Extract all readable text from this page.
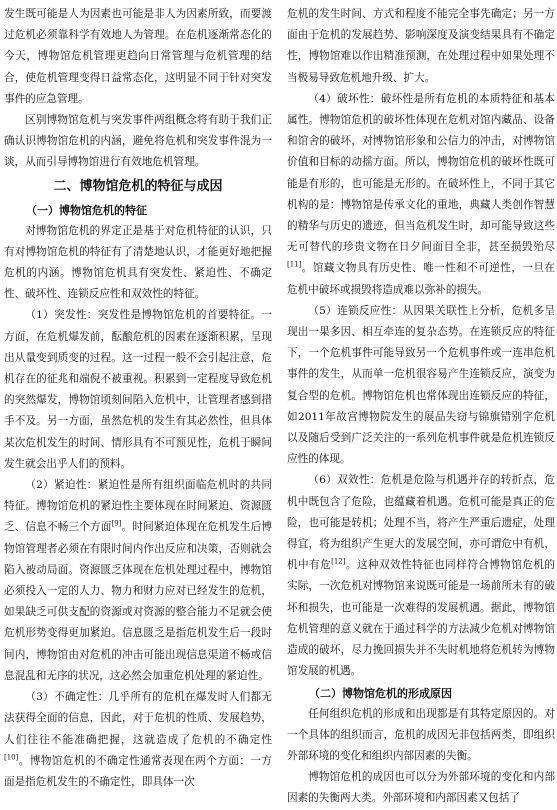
发生既可能是人为因素也可能是非人为因素所致，而要渡过危机必须靠科学有效地人为管理。在危机逐渐常态化的今天，博物馆危机管理更趋向日常管理与危机管理的结合，使危机管理变得日益常态化，这明显不同于针对突发事件的应急管理。

区别博物馆危机与突发事件两组概念将有助于我们正确认识博物馆危机的内涵，避免将危机和突发事件混为一谈，从而引导博物馆进行有效地危机管理。

二、博物馆危机的特征与成因
（一）博物馆危机的特征

对博物馆危机的界定正是基于对危机特征的认识，只有对博物馆危机的特征有了清楚地认识，才能更好地把握危机的内涵。博物馆危机具有突发性、紧迫性、不确定性、破坏性、连锁反应性和双效性的特征。

（1）突发性：突发性是博物馆危机的首要特征。一方面，在危机爆发前，酝酿危机的因素在逐渐积累，呈现出从量变到质变的过程。这一过程一般不会引起注意，危机存在的征兆和端倪不被重视。积累到一定程度导致危机的突然爆发，博物馆顷刻间陷入危机中，让管理者感到措手不及。另一方面，虽然危机的发生有其必然性，但具体某次危机发生的时间、情形具有不可预见性，危机于瞬间发生就会出乎人们的预料。

（2）紧迫性：紧迫性是所有组织面临危机时的共同特征。博物馆危机的紧迫性主要体现在时间紧迫、资源匮乏、信息不畅三个方面[9]。时间紧迫体现在危机发生后博物馆管理者必须在有限时间内作出反应和决策，否则就会陷入被动局面。资源匮乏体现在危机处理过程中，博物馆必须投入一定的人力、物力和财力应对已经发生的危机，如果缺乏可供支配的资源或对资源的整合能力不足就会使危机形势变得更加紧迫。信息匮乏是指危机发生后一段时间内，博物馆由对危机的冲击可能出现信息渠道不畅或信息混乱和无序的状况，这必然会加重危机处理的紧迫性。

（3）不确定性：几乎所有的危机在爆发时人们都无法获得全面的信息，因此，对于危机的性质、发展趋势，人们往往不能准确把握，这就造成了危机的不确定性[10]。博物馆危机的不确定性通常表现在两个方面：一方面是指危机发生的不确定性，即具体一次

危机的发生时间、方式和程度不能完全事先确定；另一方面由于危机的发展趋势、影响深度及演变结果具有不确定性，博物馆难以作出精准预测，在处理过程中如果处理不当极易导致危机地升级、扩大。

（4）破坏性：破坏性是所有危机的本质特征和基本属性。博物馆危机的破坏性体现在危机对馆内藏品、设备和馆舍的破坏，对博物馆形象和公信力的冲击，对博物馆价值和目标的动摇方面。所以，博物馆危机的破坏性既可能是有形的，也可能是无形的。在破坏性上，不同于其它机构的是：博物馆是传承文化的重地，典藏人类创作智慧的精华与历史的遗迹，但当危机发生时，却可能导致这些无可替代的珍贵文物在日夕间面目全非，甚至损毁殆尽[11]。馆藏文物具有历史性、唯一性和不可逆性，一旦在危机中破坏或损毁将造成难以弥补的损失。

（5）连锁反应性：从因果关联性上分析，危机多呈现出一果多因、相互牵连的复杂态势。在连锁反应的特征下，一个危机事件可能导致另一个危机事件或一连串危机事件的发生，从而单一危机很容易产生连锁反应，演变为复合型的危机。博物馆危机也常体现出连锁反应的特征，如2011年故宫博物院发生的展品失窃与锦旗错别字危机以及随后受到广泛关注的一系列危机事件就是危机连锁反应性的体现。

（6）双效性：危机是危险与机遇并存的转折点，危机中既包含了危险，也蕴藏着机遇。危机可能是真正的危险，也可能是转机；处理不当，将产生严重后遗症，处理得宜，将为组织产生更大的发展空间，亦可谓危中有机，机中有危[12]。这种双效性特征也同样符合博物馆危机的实际，一次危机对博物馆来说既可能是一场前所未有的破坏和损失，也可能是一次难得的发展机遇。据此，博物馆危机管理的意义就在于通过科学的方法减少危机对博物馆造成的破坏，尽力挽回损失并不失时机地将危机转为博物馆发展的机遇。

（二）博物馆危机的形成原因

任何组织危机的形成和出现都是有其特定原因的。对一个具体的组织而言，危机的成因无非包括两类，即组织外部环境的变化和组织内部因素的失衡。

博物馆危机的成因也可以分为外部环境的变化和内部因素的失衡两大类。外部环境和内部因素又包括了
